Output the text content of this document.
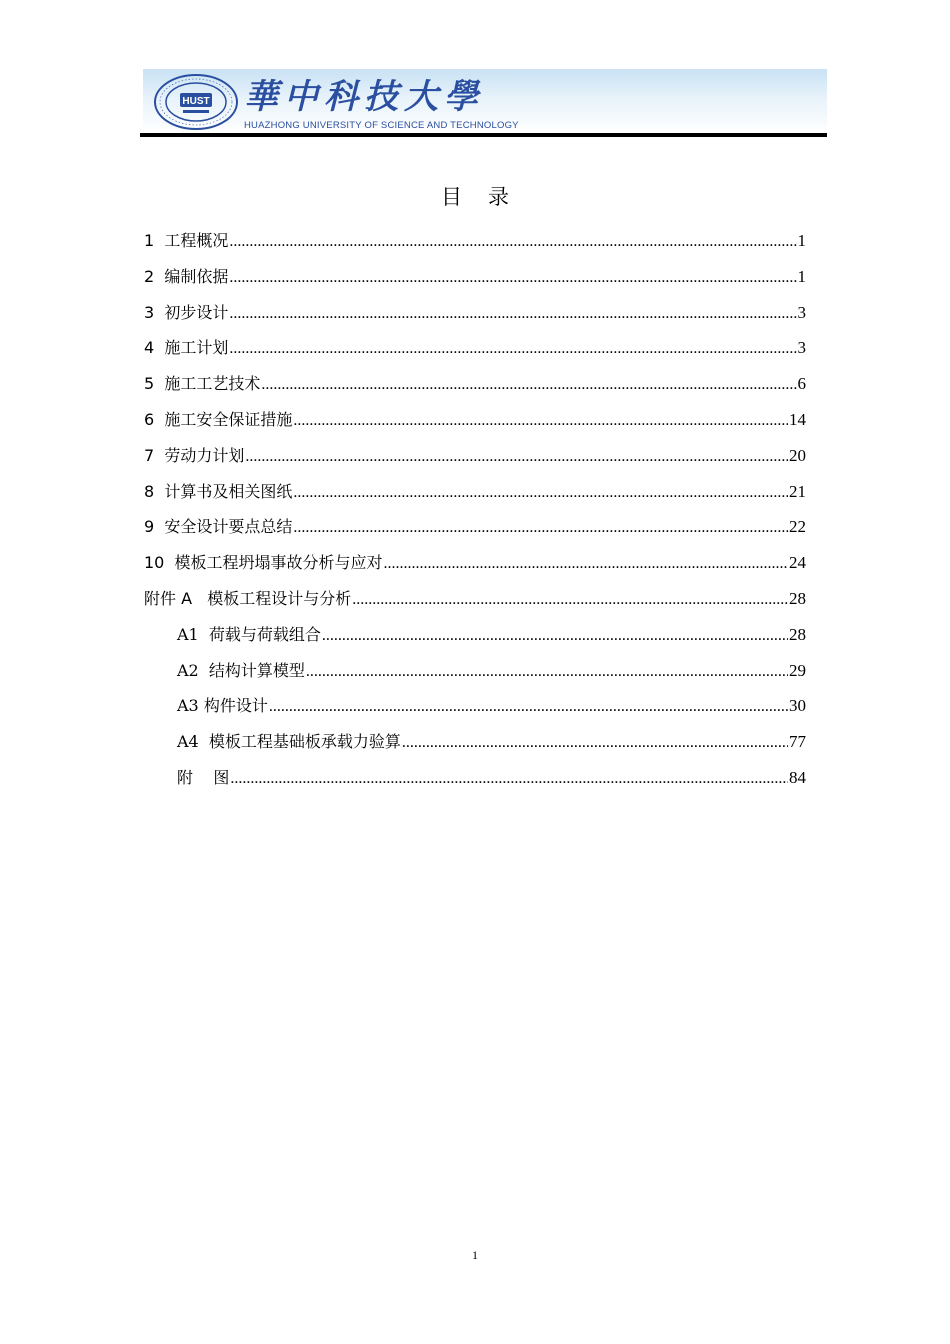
HUST 華中科技大學
HUAZHONG UNIVERSITY OF SCIENCE AND TECHNOLOGY
目 录
1  工程概况 .....	1
2  编制依据 .....	1
3  初步设计 .....	3
4  施工计划 .....	3
5  施工工艺技术 .....	6
6  施工安全保证措施 .....	14
7  劳动力计划 .....	20
8  计算书及相关图纸 .....	21
9  安全设计要点总结 .....	22
10  模板工程坍塌事故分析与应对 .....	24
附件 A   模板工程设计与分析 .....	28
A1  荷载与荷载组合 .....	28
A2  结构计算模型 .....	29
A3 构件设计 .....	30
A4  模板工程基础板承载力验算 .....	77
附    图 .....	84
1
